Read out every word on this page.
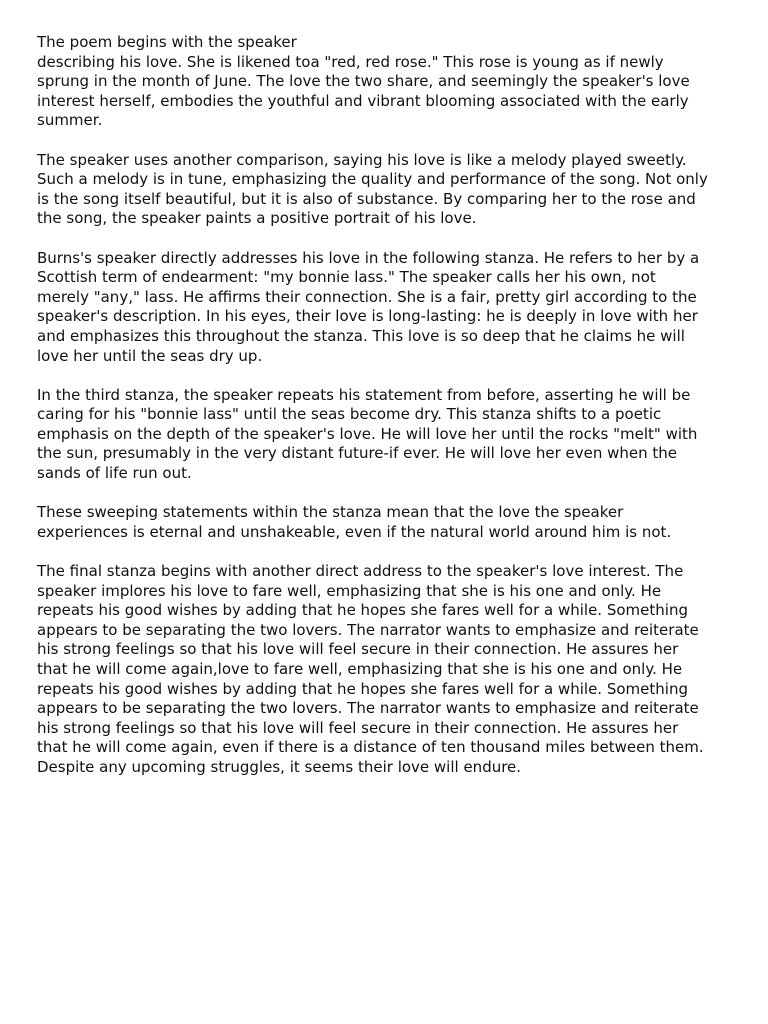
The poem begins with the speaker
describing his love. She is likened toa "red, red rose." This rose is young as if newly
sprung in the month of June. The love the two share, and seemingly the speaker's love
interest herself, embodies the youthful and vibrant blooming associated with the early
summer.

The speaker uses another comparison, saying his love is like a melody played sweetly.
Such a melody is in tune, emphasizing the quality and performance of the song. Not only
is the song itself beautiful, but it is also of substance. By comparing her to the rose and
the song, the speaker paints a positive portrait of his love.

Burns's speaker directly addresses his love in the following stanza. He refers to her by a
Scottish term of endearment: "my bonnie lass." The speaker calls her his own, not
merely "any," lass. He affirms their connection. She is a fair, pretty girl according to the
speaker's description. In his eyes, their love is long-lasting: he is deeply in love with her
and emphasizes this throughout the stanza. This love is so deep that he claims he will
love her until the seas dry up.

In the third stanza, the speaker repeats his statement from before, asserting he will be
caring for his "bonnie lass" until the seas become dry. This stanza shifts to a poetic
emphasis on the depth of the speaker's love. He will love her until the rocks "melt" with
the sun, presumably in the very distant future-if ever. He will love her even when the
sands of life run out.

These sweeping statements within the stanza mean that the love the speaker
experiences is eternal and unshakeable, even if the natural world around him is not.

The final stanza begins with another direct address to the speaker's love interest. The
speaker implores his love to fare well, emphasizing that she is his one and only. He
repeats his good wishes by adding that he hopes she fares well for a while. Something
appears to be separating the two lovers. The narrator wants to emphasize and reiterate
his strong feelings so that his love will feel secure in their connection. He assures her
that he will come again,love to fare well, emphasizing that she is his one and only. He
repeats his good wishes by adding that he hopes she fares well for a while. Something
appears to be separating the two lovers. The narrator wants to emphasize and reiterate
his strong feelings so that his love will feel secure in their connection. He assures her
that he will come again, even if there is a distance of ten thousand miles between them.
Despite any upcoming struggles, it seems their love will endure.
